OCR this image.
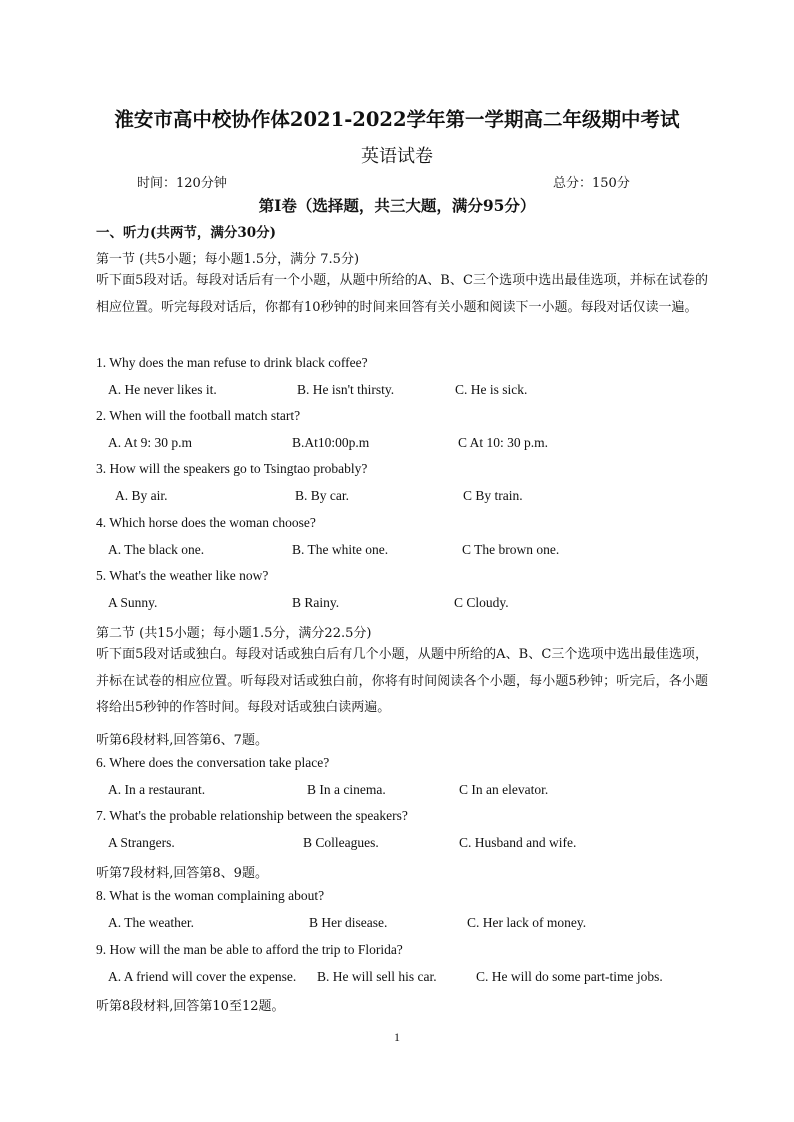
淮安市高中校协作体2021-2022学年第一学期高二年级期中考试
英语试卷
时间：120分钟	总分：150分
第Ⅰ卷（选择题，共三大题，满分95分）
一、听力(共两节，满分30分)
第一节 (共5小题；每小题1.5分，满分 7.5分)
听下面5段对话。每段对话后有一个小题，从题中所给的A、B、C三个选项中选出最佳选项，并标在试卷的相应位置。听完每段对话后，你都有10秒钟的时间来回答有关小题和阅读下一小题。每段对话仅读一遍。
1. Why does the man refuse to drink black coffee?
A. He never likes it.	B. He isn't thirsty.	C. He is sick.
2. When will the football match start?
A. At 9: 30 p.m	B.At10:00p.m	C At 10: 30 p.m.
3. How will the speakers go to Tsingtao probably?
A. By air.	B. By car.	C By train.
4. Which horse does the woman choose?
A. The black one.	B. The white one.	C The brown one.
5. What's the weather like now?
A Sunny.	B Rainy.	C Cloudy.
第二节 (共15小题；每小题1.5分，满分22.5分)
听下面5段对话或独白。每段对话或独白后有几个小题，从题中所给的A、B、C三个选项中选出最佳选项，并标在试卷的相应位置。听每段对话或独白前，你将有时间阅读各个小题，每小题5秒钟；听完后，各小题将给出5秒钟的作答时间。每段对话或独白读两遍。
听第6段材料,回答第6、7题。
6. Where does the conversation take place?
A. In a restaurant.	B In a cinema.	C In an elevator.
7. What's the probable relationship between the speakers?
A Strangers.	B Colleagues.	C. Husband and wife.
听第7段材料,回答第8、9题。
8. What is the woman complaining about?
A. The weather.	B Her disease.	C. Her lack of money.
9. How will the man be able to afford the trip to Florida?
A. A friend will cover the expense. B. He will sell his car.	C. He will do some part-time jobs.
听第8段材料,回答第10至12题。
1
